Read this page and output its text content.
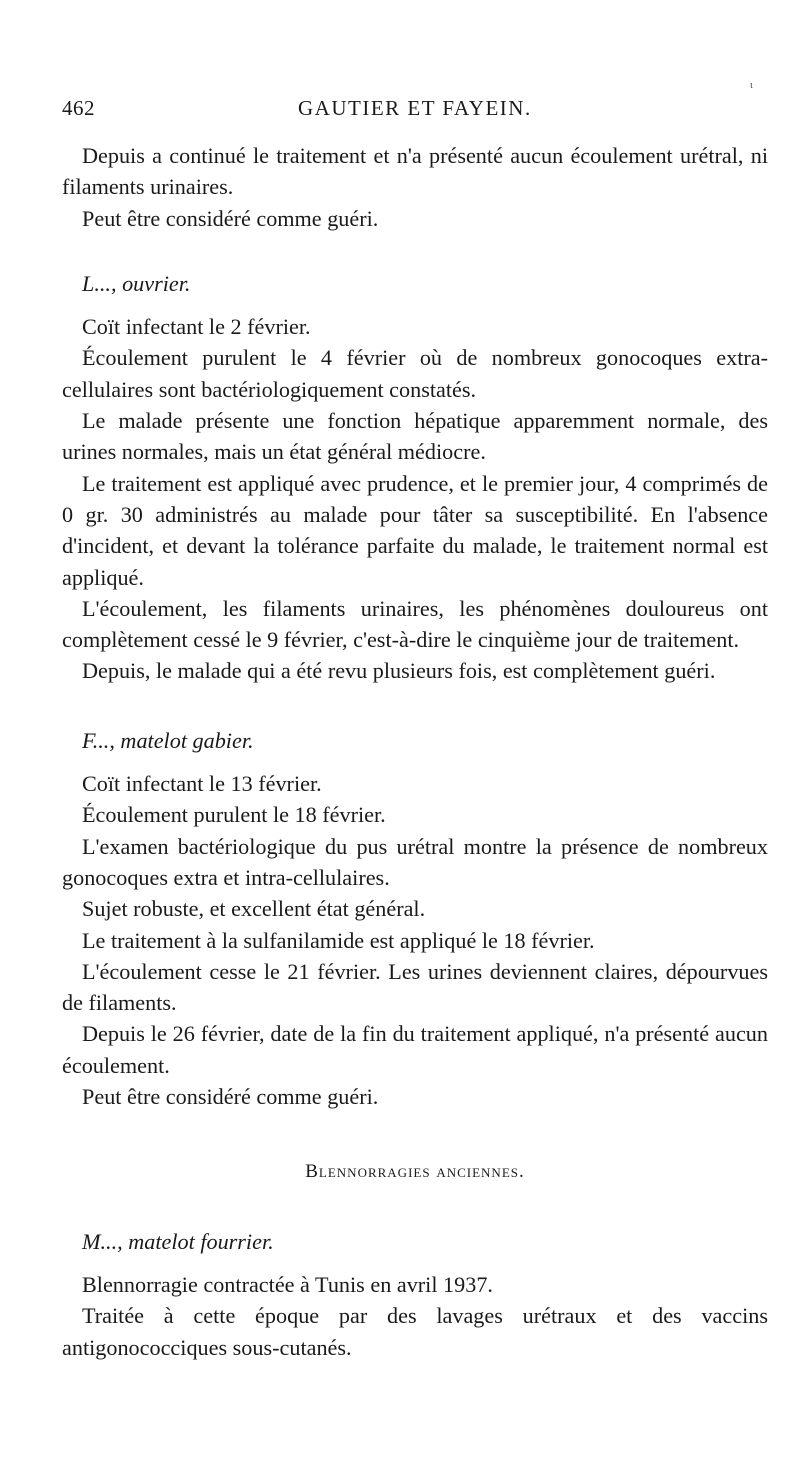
ι
462	GAUTIER ET FAYEIN.

Depuis a continué le traitement et n'a présenté aucun écoulement urétral, ni filaments urinaires.

Peut être considéré comme guéri.

L..., ouvrier.

Coït infectant le 2 février.

Écoulement purulent le 4 février où de nombreux gonocoques extra-cellulaires sont bactériologiquement constatés.

Le malade présente une fonction hépatique apparemment normale, des urines normales, mais un état général médiocre.

Le traitement est appliqué avec prudence, et le premier jour, 4 comprimés de 0 gr. 30 administrés au malade pour tâter sa susceptibilité. En l'absence d'incident, et devant la tolérance parfaite du malade, le traitement normal est appliqué.

L'écoulement, les filaments urinaires, les phénomènes douloureus ont complètement cessé le 9 février, c'est-à-dire le cinquième jour de traitement.

Depuis, le malade qui a été revu plusieurs fois, est complètement guéri.

F..., matelot gabier.

Coït infectant le 13 février.

Écoulement purulent le 18 février.

L'examen bactériologique du pus urétral montre la présence de nombreux gonocoques extra et intra-cellulaires.

Sujet robuste, et excellent état général.

Le traitement à la sulfanilamide est appliqué le 18 février.

L'écoulement cesse le 21 février. Les urines deviennent claires, dépourvues de filaments.

Depuis le 26 février, date de la fin du traitement appliqué, n'a présenté aucun écoulement.

Peut être considéré comme guéri.

Blennorragies anciennes.

M..., matelot fourrier.

Blennorragie contractée à Tunis en avril 1937.

Traitée à cette époque par des lavages urétraux et des vaccins antigonococciques sous-cutanés.
